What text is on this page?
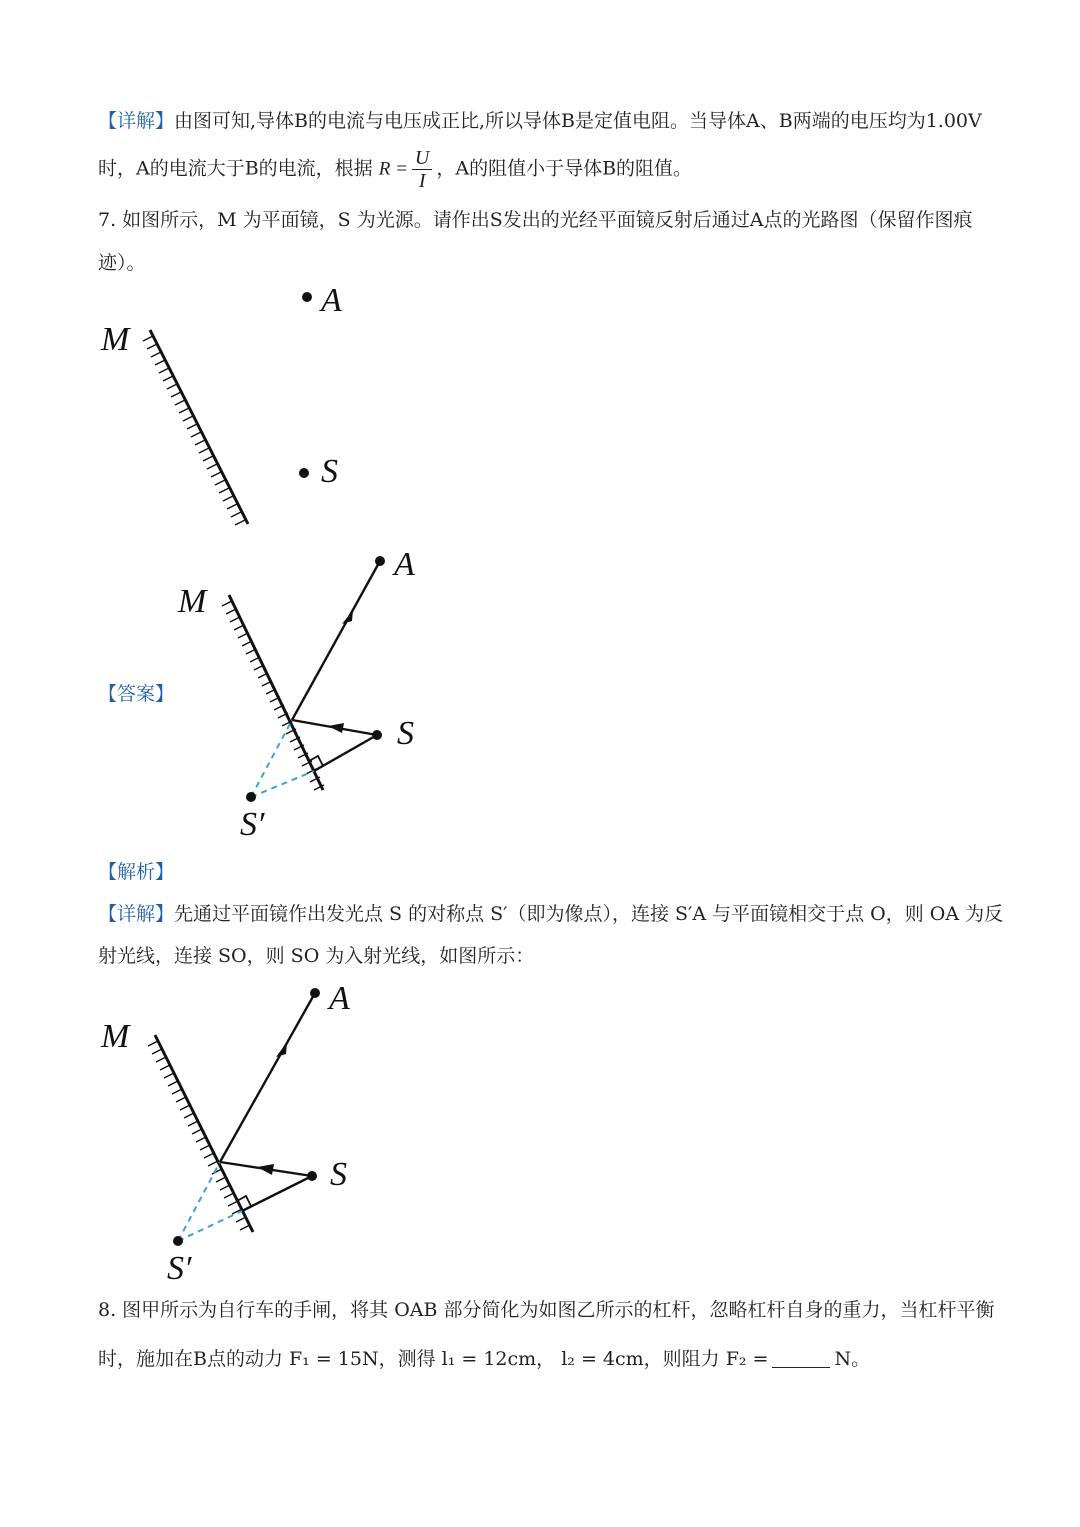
【详解】由图可知,导体B的电流与电压成正比,所以导体B是定值电阻。当导体A、B两端的电压均为1.00V
时，A的电流大于B的电流，根据 $R = \frac{U}{I}$ ，A的阻值小于导体B的阻值。
7. 如图所示，M 为平面镜，S 为光源。请作出S发出的光经平面镜反射后通过A点的光路图（保留作图痕
迹）。
M
A
S
【答案】
M
A
S
S′
【解析】
【详解】先通过平面镜作出发光点 S 的对称点 S′（即为像点），连接 S′A 与平面镜相交于点 O，则 OA 为反
射光线，连接 SO，则 SO 为入射光线，如图所示：
M
A
S
S′
8. 图甲所示为自行车的手闸，将其 OAB 部分简化为如图乙所示的杠杆，忽略杠杆自身的重力，当杠杆平衡
时，施加在B点的动力 F₁ = 15N，测得 l₁ = 12cm， l₂ = 4cm，则阻力 F₂ =	N。
